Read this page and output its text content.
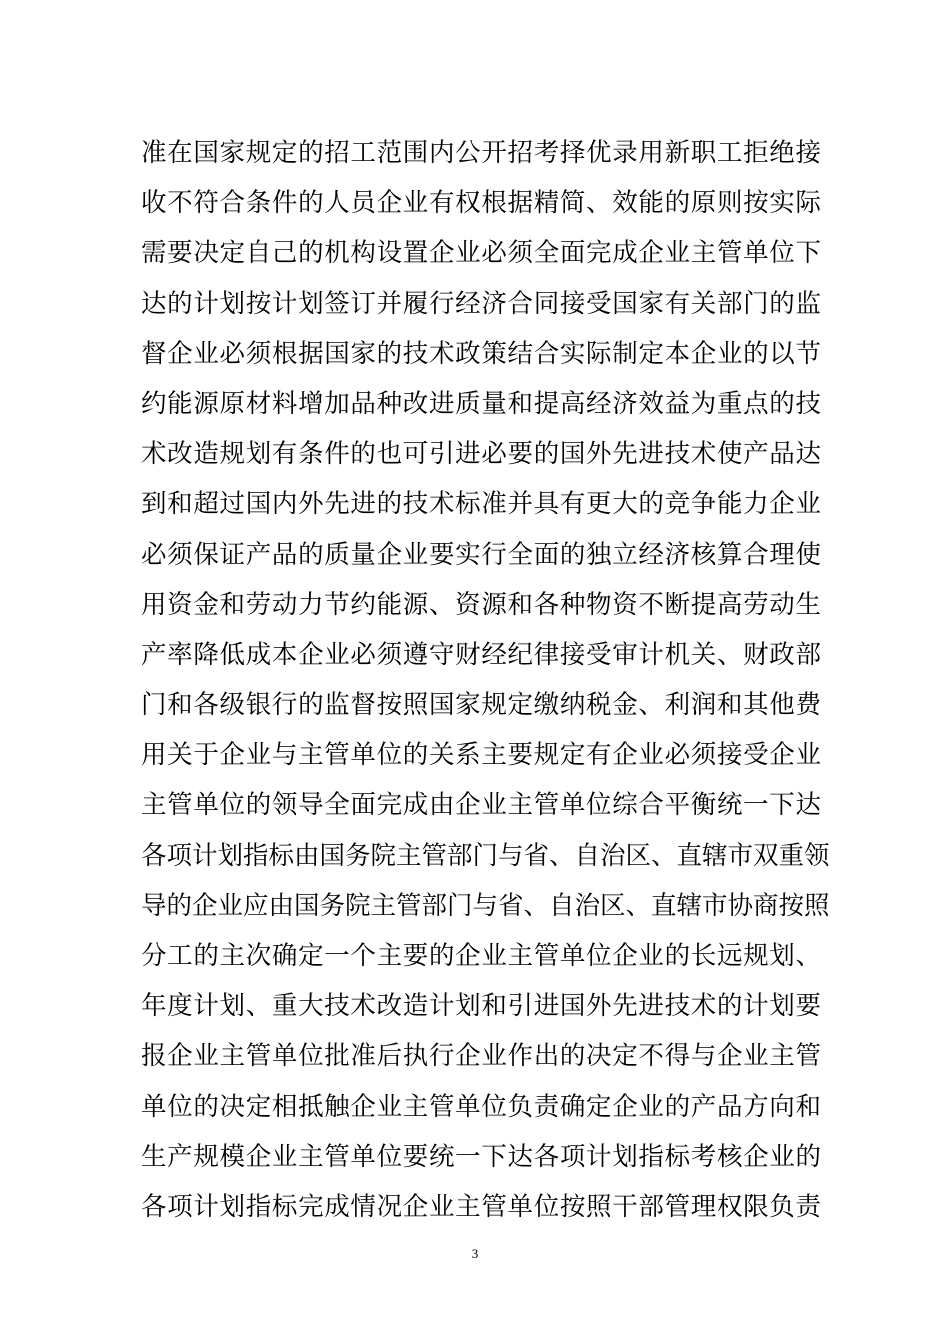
准在国家规定的招工范围内公开招考择优录用新职工拒绝接
收不符合条件的人员企业有权根据精简、效能的原则按实际
需要决定自己的机构设置企业必须全面完成企业主管单位下
达的计划按计划签订并履行经济合同接受国家有关部门的监
督企业必须根据国家的技术政策结合实际制定本企业的以节
约能源原材料增加品种改进质量和提高经济效益为重点的技
术改造规划有条件的也可引进必要的国外先进技术使产品达
到和超过国内外先进的技术标准并具有更大的竞争能力企业
必须保证产品的质量企业要实行全面的独立经济核算合理使
用资金和劳动力节约能源、资源和各种物资不断提高劳动生
产率降低成本企业必须遵守财经纪律接受审计机关、财政部
门和各级银行的监督按照国家规定缴纳税金、利润和其他费
用关于企业与主管单位的关系主要规定有企业必须接受企业
主管单位的领导全面完成由企业主管单位综合平衡统一下达
各项计划指标由国务院主管部门与省、自治区、直辖市双重领
导的企业应由国务院主管部门与省、自治区、直辖市协商按照
分工的主次确定一个主要的企业主管单位企业的长远规划、
年度计划、重大技术改造计划和引进国外先进技术的计划要
报企业主管单位批准后执行企业作出的决定不得与企业主管
单位的决定相抵触企业主管单位负责确定企业的产品方向和
生产规模企业主管单位要统一下达各项计划指标考核企业的
各项计划指标完成情况企业主管单位按照干部管理权限负责
3
